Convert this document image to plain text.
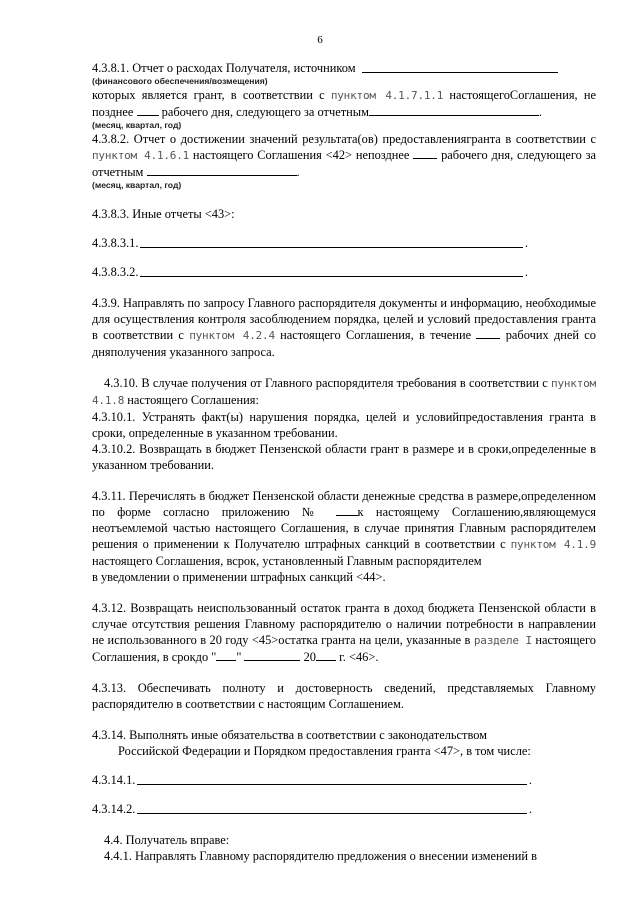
6
4.3.8.1. Отчет о расходах Получателя, источником

(финансового обеспечения/возмещения)

которых является грант, в соответствии с пунктом 4.1.7.1.1 настоящегоСоглашения, не позднее рабочего дня, следующего за отчетным	.

(месяц, квартал, год)

4.3.8.2. Отчет о достижении значений результата(ов) предоставлениягранта в соответствии с пунктом 4.1.6.1 настоящего Соглашения <42> непозднее	рабочего дня, следующего за отчетным	.

(месяц, квартал, год)

4.3.8.3. Иные отчеты <43>:

4.3.8.3.1.	.
4.3.8.3.2.	.

4.3.9. Направлять по запросу Главного распорядителя документы и информацию, необходимые для осуществления контроля засоблюдением порядка, целей и условий предоставления гранта в соответствии с пунктом 4.2.4 настоящего Соглашения, в течение	рабочих дней со дняполучения указанного запроса.

4.3.10. В случае получения от Главного распорядителя требования в соответствии с пунктом 4.1.8 настоящего Соглашения:

4.3.10.1. Устранять факт(ы) нарушения порядка, целей и условийпредоставления гранта в сроки, определенные в указанном требовании.

4.3.10.2. Возвращать в бюджет Пензенской области грант в размере и в сроки,определенные в указанном требовании.

4.3.11. Перечислять в бюджет Пензенской области денежные средства в размере,определенном по форме согласно приложению №	к настоящему Соглашению,являющемуся неотъемлемой частью настоящего Соглашения, в случае принятия Главным распорядителем решения о применении к Получателю штрафных санкций в соответствии с пунктом 4.1.9 настоящего Соглашения, всрок, установленный Главным распорядителем

в уведомлении о применении штрафных санкций <44>.

4.3.12. Возвращать неиспользованный остаток гранта в доход бюджета Пензенской области в случае отсутствия решения Главному распорядителю о наличии потребности в направлении не использованного в 20 году <45>остатка гранта на цели, указанные в разделе I настоящего Соглашения, в срокдо " "	20 г. <46>.

4.3.13. Обеспечивать полноту и достоверность сведений, представляемых Главному распорядителю в соответствии с настоящим Соглашением.

4.3.14. Выполнять иные обязательства в соответствии с законодательством

Российской Федерации и Порядком предоставления гранта <47>, в том числе:

4.3.14.1.	.
4.3.14.2.	.

4.4. Получатель вправе:

4.4.1. Направлять Главному распорядителю предложения о внесении изменений в
